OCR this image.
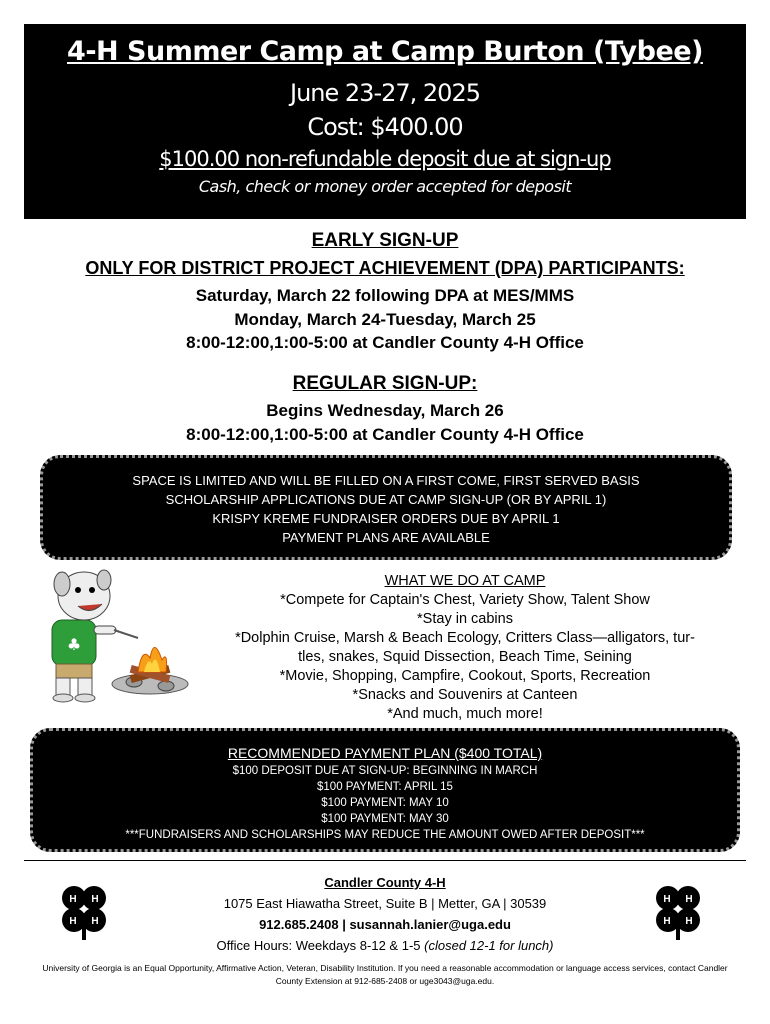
4-H Summer Camp at Camp Burton (Tybee)
June 23-27, 2025
Cost: $400.00
$100.00 non-refundable deposit due at sign-up
Cash, check or money order accepted for deposit
EARLY SIGN-UP
ONLY FOR DISTRICT PROJECT ACHIEVEMENT (DPA) PARTICIPANTS:
Saturday, March 22 following DPA at MES/MMS
Monday, March 24-Tuesday, March 25
8:00-12:00,1:00-5:00 at Candler County 4-H Office
REGULAR SIGN-UP:
Begins Wednesday, March 26
8:00-12:00,1:00-5:00 at Candler County 4-H Office
SPACE IS LIMITED AND WILL BE FILLED ON A FIRST COME, FIRST SERVED BASIS
SCHOLARSHIP APPLICATIONS DUE AT CAMP SIGN-UP (OR BY APRIL 1)
KRISPY KREME FUNDRAISER ORDERS DUE BY APRIL 1
PAYMENT PLANS ARE AVAILABLE
♣
WHAT WE DO AT CAMP
*Compete for Captain's Chest, Variety Show, Talent Show
*Stay in cabins
*Dolphin Cruise, Marsh & Beach Ecology, Critters Class—alligators, tur-
tles, snakes, Squid Dissection, Beach Time, Seining
*Movie, Shopping, Campfire, Cookout, Sports, Recreation
*Snacks and Souvenirs at Canteen
*And much, much more!
RECOMMENDED PAYMENT PLAN ($400 TOTAL)
$100 DEPOSIT DUE AT SIGN-UP: BEGINNING IN MARCH
$100 PAYMENT: APRIL 15
$100 PAYMENT: MAY 10
$100 PAYMENT: MAY 30
***FUNDRAISERS AND SCHOLARSHIPS MAY REDUCE THE AMOUNT OWED AFTER DEPOSIT***
H H
H H
Candler County 4-H
1075 East Hiawatha Street, Suite B | Metter, GA | 30539
912.685.2408 | susannah.lanier@uga.edu
Office Hours: Weekdays 8-12 & 1-5 (closed 12-1 for lunch)
H H
H H
University of Georgia is an Equal Opportunity, Affirmative Action, Veteran, Disability Institution. If you need a reasonable accommodation or language access services, contact Candler County Extension at 912-685-2408 or uge3043@uga.edu.
